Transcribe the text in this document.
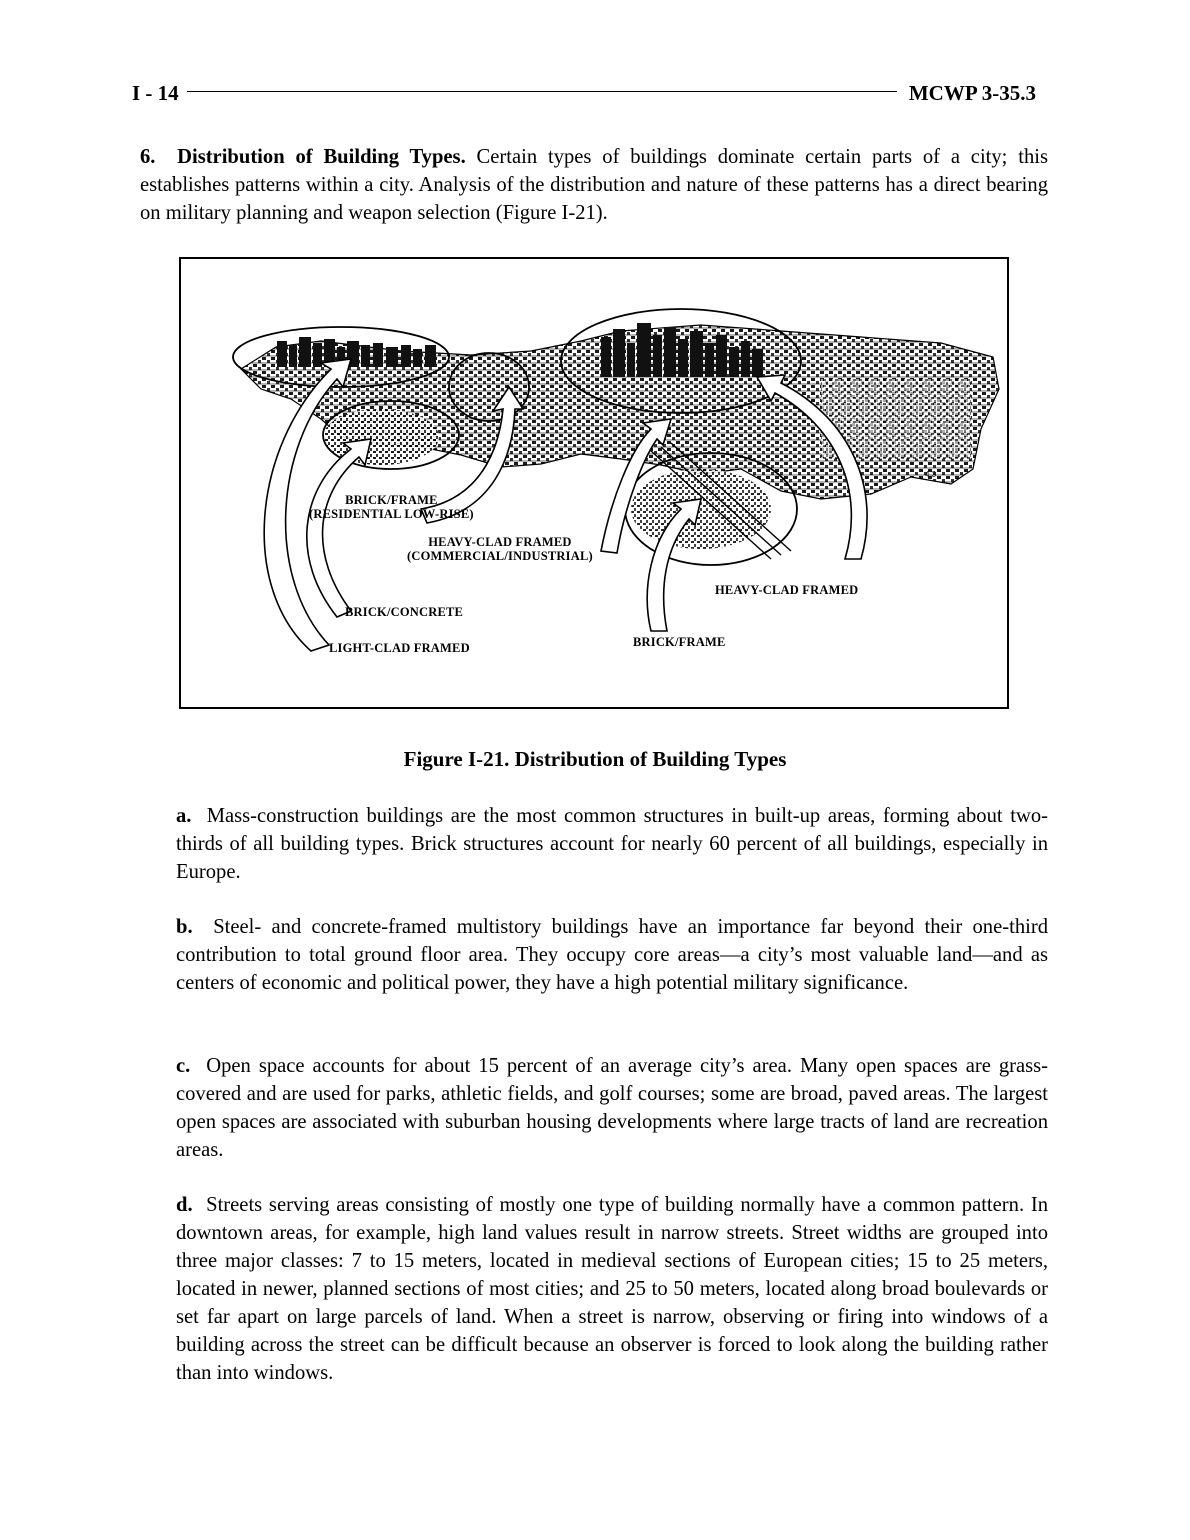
I - 14	MCWP 3-35.3
6. Distribution of Building Types. Certain types of buildings dominate certain parts of a city; this establishes patterns within a city. Analysis of the distribution and nature of these patterns has a direct bearing on military planning and weapon selection (Figure I-21).
4.3
BRICK/FRAME
(RESIDENTIAL LOW-RISE)
HEAVY-CLAD FRAMED
(COMMERCIAL/INDUSTRIAL)
HEAVY-CLAD FRAMED
BRICK/CONCRETE
LIGHT-CLAD FRAMED	BRICK/FRAME
Figure I-21. Distribution of Building Types
a. Mass-construction buildings are the most common structures in built-up areas, forming about two-thirds of all building types. Brick structures account for nearly 60 percent of all buildings, especially in Europe.
b. Steel- and concrete-framed multistory buildings have an importance far beyond their one-third contribution to total ground floor area. They occupy core areas—a city’s most valuable land—and as centers of economic and political power, they have a high potential military significance.
c. Open space accounts for about 15 percent of an average city’s area. Many open spaces are grass-covered and are used for parks, athletic fields, and golf courses; some are broad, paved areas. The largest open spaces are associated with suburban housing developments where large tracts of land are recreation areas.
d. Streets serving areas consisting of mostly one type of building normally have a common pattern. In downtown areas, for example, high land values result in narrow streets. Street widths are grouped into three major classes: 7 to 15 meters, located in medieval sections of European cities; 15 to 25 meters, located in newer, planned sections of most cities; and 25 to 50 meters, located along broad boulevards or set far apart on large parcels of land. When a street is narrow, observing or firing into windows of a building across the street can be difficult because an observer is forced to look along the building rather than into windows.
